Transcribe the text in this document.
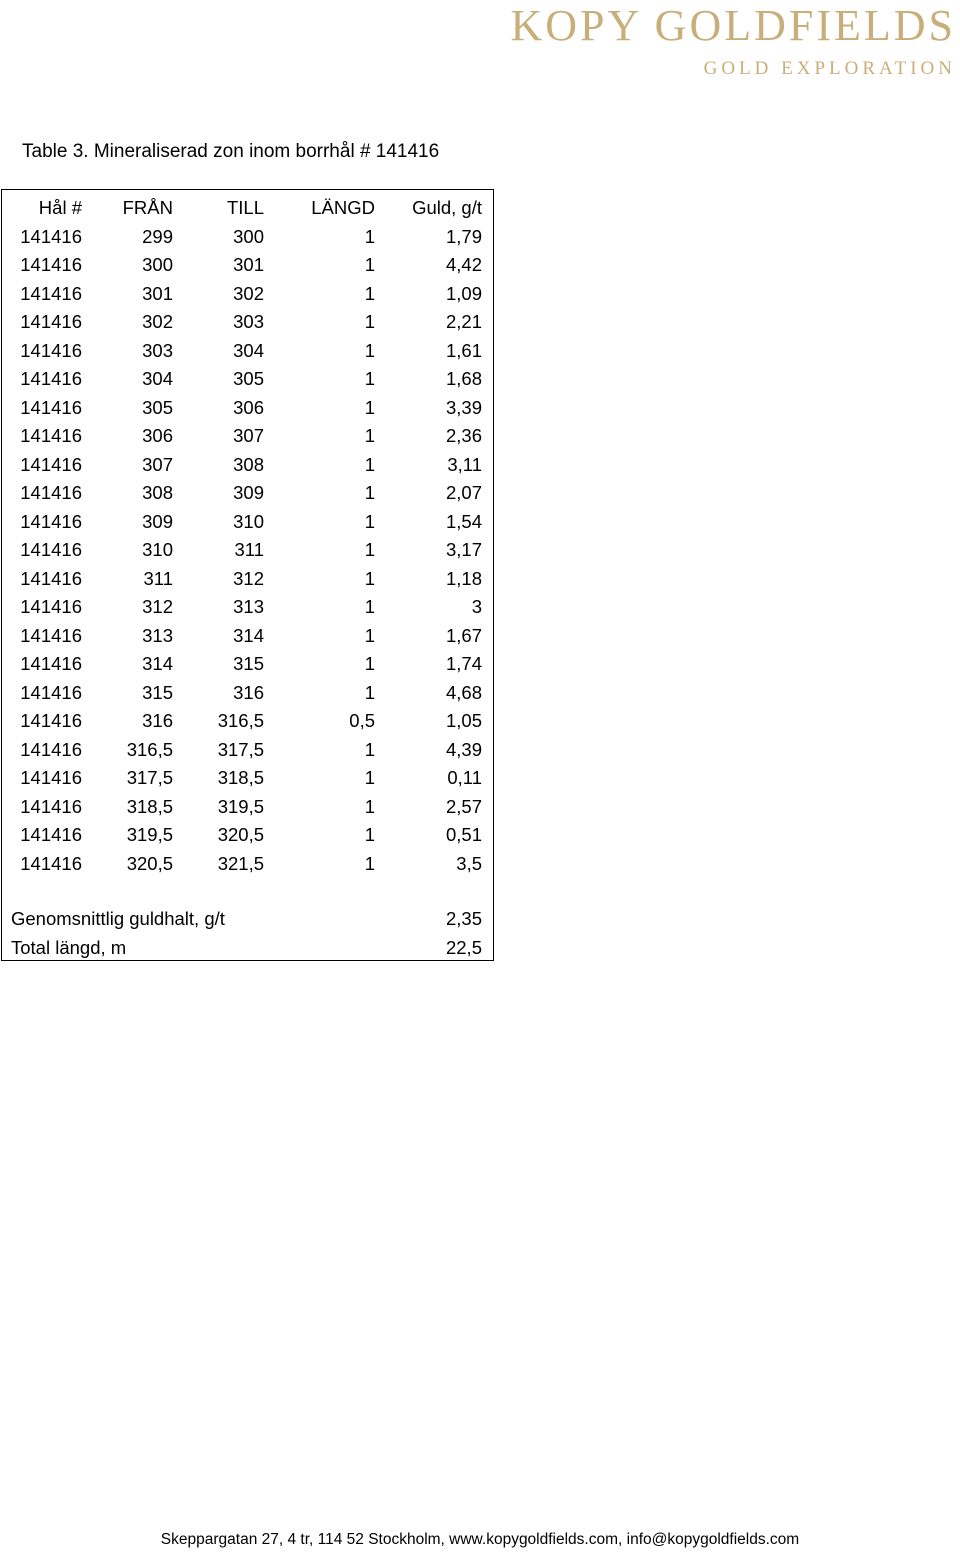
KOPY GOLDFIELDS
GOLD EXPLORATION
Table 3. Mineraliserad zon inom borrhål # 141416
Hål #	FRÅN	TILL	LÄNGD	Guld, g/t
141416	299	300	1	1,79
141416	300	301	1	4,42
141416	301	302	1	1,09
141416	302	303	1	2,21
141416	303	304	1	1,61
141416	304	305	1	1,68
141416	305	306	1	3,39
141416	306	307	1	2,36
141416	307	308	1	3,11
141416	308	309	1	2,07
141416	309	310	1	1,54
141416	310	311	1	3,17
141416	311	312	1	1,18
141416	312	313	1	3
141416	313	314	1	1,67
141416	314	315	1	1,74
141416	315	316	1	4,68
141416	316	316,5	0,5	1,05
141416	316,5	317,5	1	4,39
141416	317,5	318,5	1	0,11
141416	318,5	319,5	1	2,57
141416	319,5	320,5	1	0,51
141416	320,5	321,5	1	3,5
Genomsnittlig guldhalt, g/t	2,35
Total längd, m	22,5
Skeppargatan 27, 4 tr, 114 52 Stockholm, www.kopygoldfields.com, info@kopygoldfields.com
